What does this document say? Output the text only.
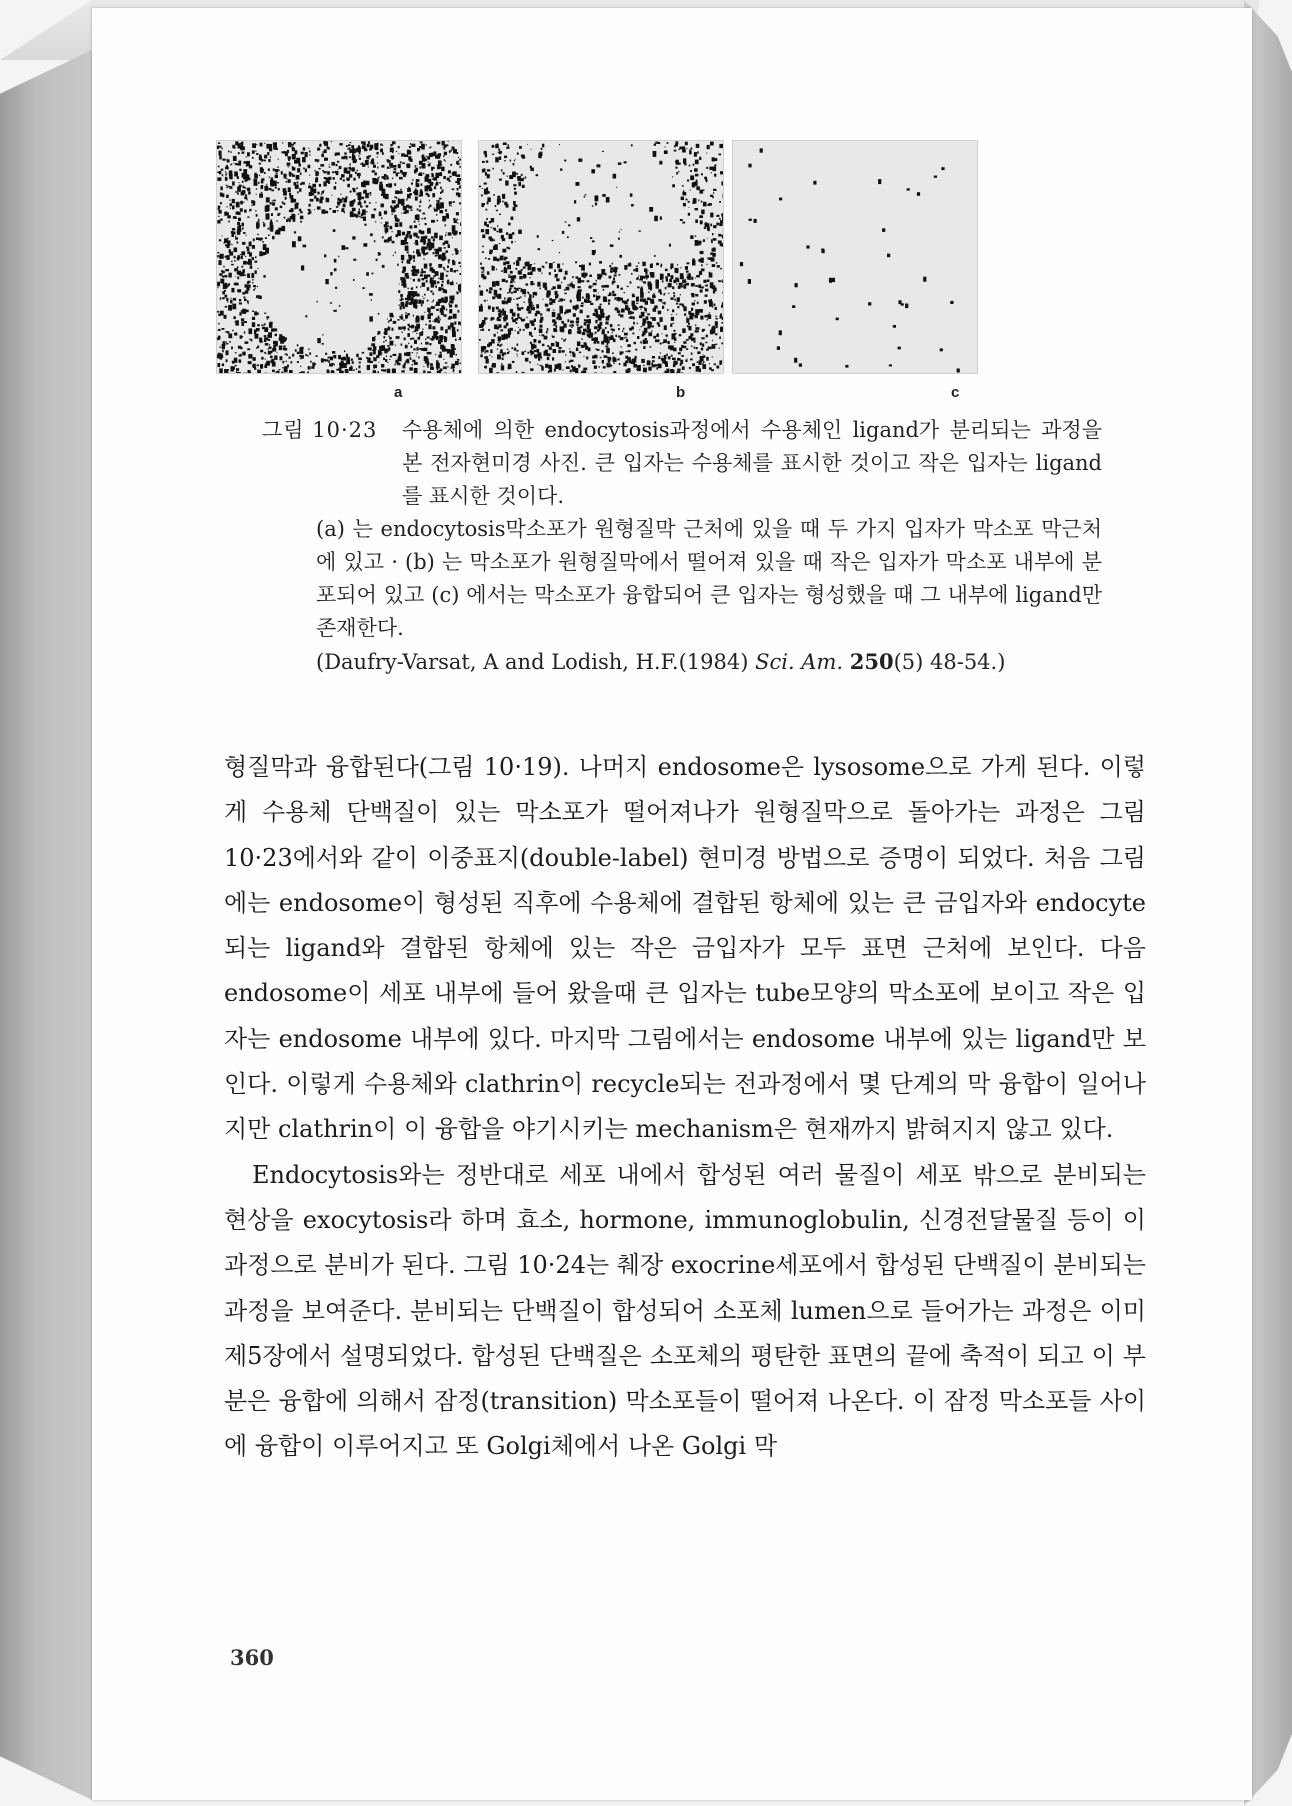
a	b	c
그림 10·23	수용체에 의한 endocytosis과정에서 수용체인 ligand가 분리되는 과정을 본 전자현미경 사진. 큰 입자는 수용체를 표시한 것이고 작은 입자는 ligand를 표시한 것이다.
(a) 는 endocytosis막소포가 원형질막 근처에 있을 때 두 가지 입자가 막소포 막근처에 있고 · (b) 는 막소포가 원형질막에서 떨어져 있을 때 작은 입자가 막소포 내부에 분포되어 있고 (c) 에서는 막소포가 융합되어 큰 입자는 형성했을 때 그 내부에 ligand만 존재한다.
(Daufry-Varsat, A and Lodish, H.F.(1984) Sci. Am. 250(5) 48-54.)

형질막과 융합된다(그림 10·19). 나머지 endosome은 lysosome으로 가게 된다. 이렇게 수용체 단백질이 있는 막소포가 떨어져나가 원형질막으로 돌아가는 과정은 그림 10·23에서와 같이 이중표지(double-label) 현미경 방법으로 증명이 되었다. 처음 그림에는 endosome이 형성된 직후에 수용체에 결합된 항체에 있는 큰 금입자와 endocyte되는 ligand와 결합된 항체에 있는 작은 금입자가 모두 표면 근처에 보인다. 다음 endosome이 세포 내부에 들어 왔을때 큰 입자는 tube모양의 막소포에 보이고 작은 입자는 endosome 내부에 있다. 마지막 그림에서는 endosome 내부에 있는 ligand만 보인다. 이렇게 수용체와 clathrin이 recycle되는 전과정에서 몇 단계의 막 융합이 일어나지만 clathrin이 이 융합을 야기시키는 mechanism은 현재까지 밝혀지지 않고 있다.

Endocytosis와는 정반대로 세포 내에서 합성된 여러 물질이 세포 밖으로 분비되는 현상을 exocytosis라 하며 효소, hormone, immunoglobulin, 신경전달물질 등이 이 과정으로 분비가 된다. 그림 10·24는 췌장 exocrine세포에서 합성된 단백질이 분비되는 과정을 보여준다. 분비되는 단백질이 합성되어 소포체 lumen으로 들어가는 과정은 이미 제5장에서 설명되었다. 합성된 단백질은 소포체의 평탄한 표면의 끝에 축적이 되고 이 부분은 융합에 의해서 잠정(transition) 막소포들이 떨어져 나온다. 이 잠정 막소포들 사이에 융합이 이루어지고 또 Golgi체에서 나온 Golgi 막

360
